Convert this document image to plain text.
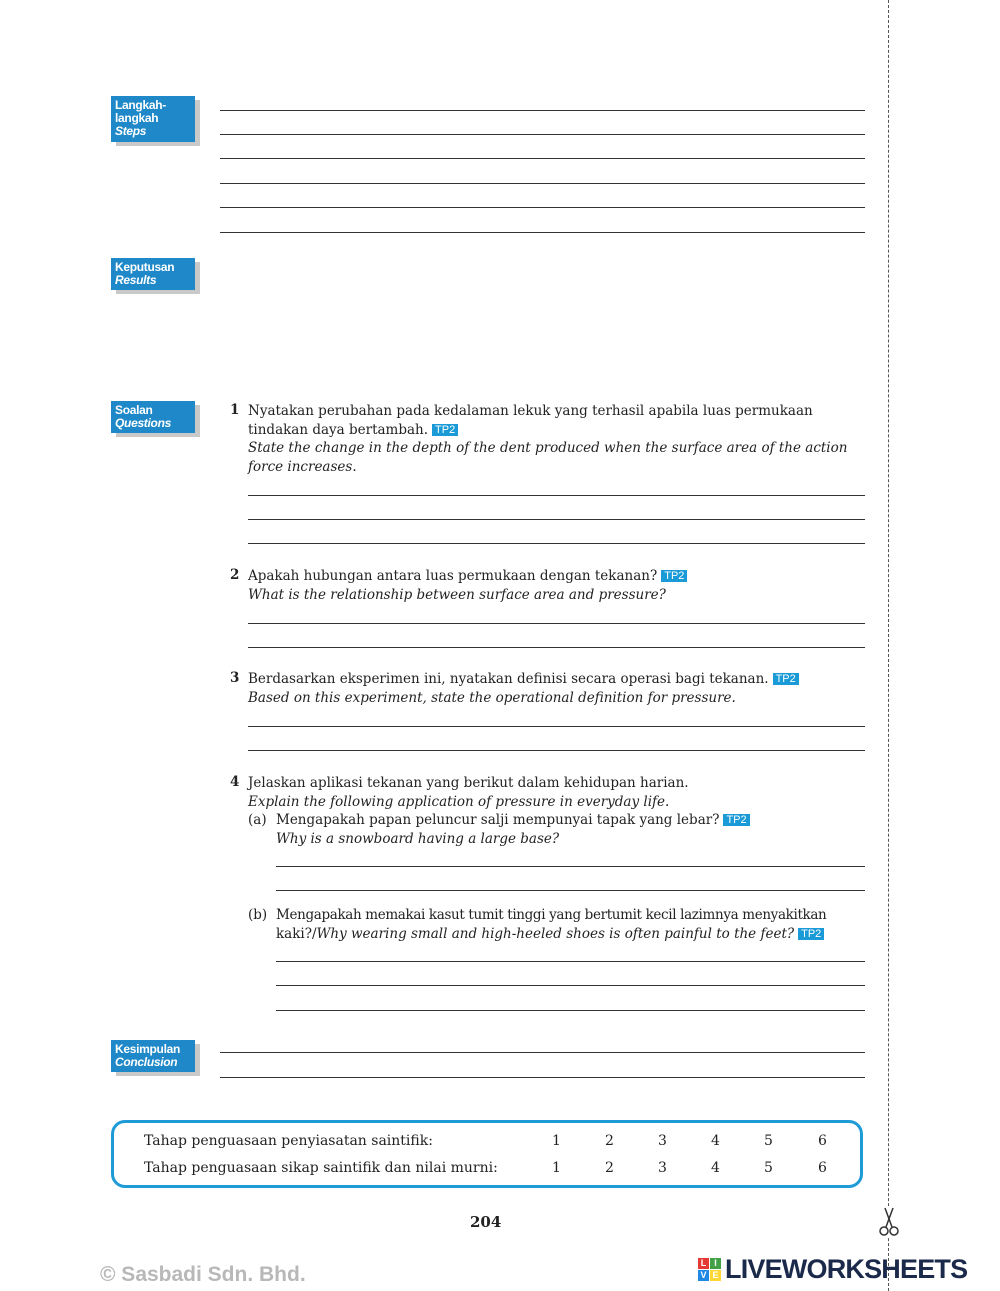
Langkah-
langkah
Steps
Keputusan
Results
Soalan
Questions
1 Nyatakan perubahan pada kedalaman lekuk yang terhasil apabila luas permukaan
tindakan daya bertambah. TP2
State the change in the depth of the dent produced when the surface area of the action
force increases.
2 Apakah hubungan antara luas permukaan dengan tekanan? TP2
What is the relationship between surface area and pressure?
3 Berdasarkan eksperimen ini, nyatakan definisi secara operasi bagi tekanan. TP2
Based on this experiment, state the operational definition for pressure.
4 Jelaskan aplikasi tekanan yang berikut dalam kehidupan harian.
Explain the following application of pressure in everyday life.
(a) Mengapakah papan peluncur salji mempunyai tapak yang lebar? TP2
Why is a snowboard having a large base?
(b) Mengapakah memakai kasut tumit tinggi yang bertumit kecil lazimnya menyakitkan
kaki?/Why wearing small and high-heeled shoes is often painful to the feet? TP2
Kesimpulan
Conclusion
Tahap penguasaan penyiasatan saintifik:	1	2	3	4	5	6
Tahap penguasaan sikap saintifik dan nilai murni:	1	2	3	4	5	6
204
© Sasbadi Sdn. Bhd.	L I
V E LIVEWORKSHEETS
